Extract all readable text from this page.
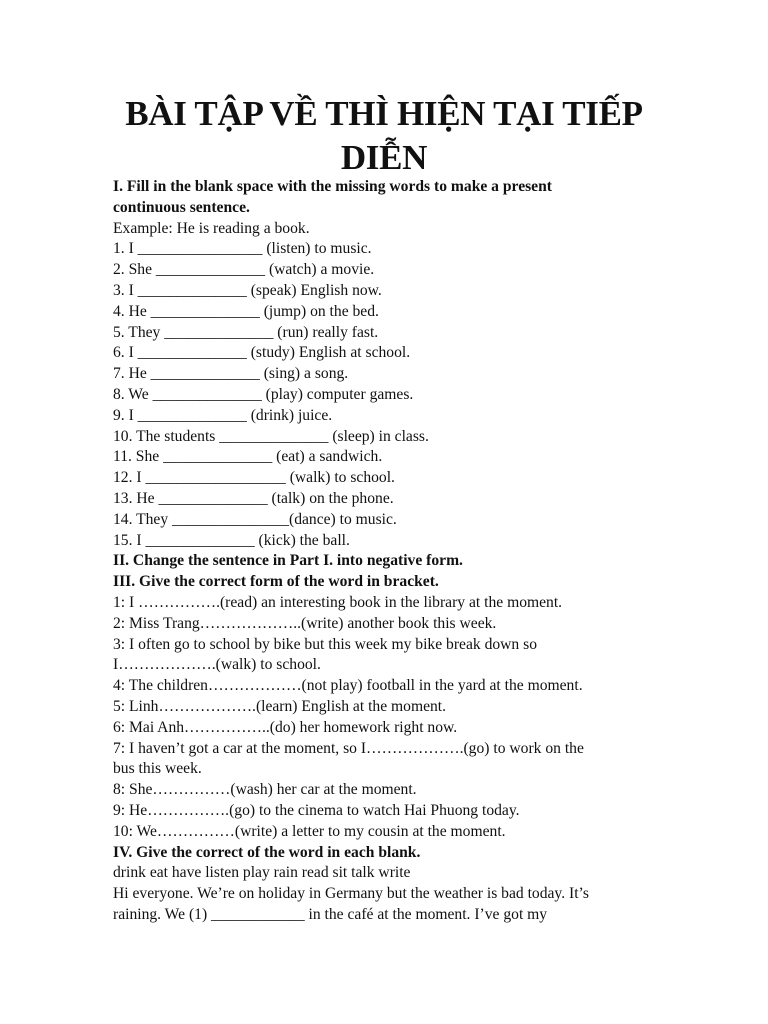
BÀI TẬP VỀ THÌ HIỆN TẠI TIẾP
DIỄN

I. Fill in the blank space with the missing words to make a present

continuous sentence.

Example: He is reading a book.

1. I ________________ (listen) to music.

2. She ______________ (watch) a movie.

3. I ______________ (speak) English now.

4. He ______________ (jump) on the bed.

5. They ______________ (run) really fast.

6. I ______________ (study) English at school.

7. He ______________ (sing) a song.

8. We ______________ (play) computer games.

9. I ______________ (drink) juice.

10. The students ______________ (sleep) in class.

11. She ______________ (eat) a sandwich.

12. I __________________ (walk) to school.

13. He ______________ (talk) on the phone.

14. They _______________(dance) to music.

15. I ______________ (kick) the ball.

II. Change the sentence in Part I. into negative form.

III. Give the correct form of the word in bracket.

1: I …………….(read) an interesting book in the library at the moment.

2: Miss Trang………………..(write) another book this week.

3: I often go to school by bike but this week my bike break down so

I……………….(walk) to school.

4: The children………………(not play) football in the yard at the moment.

5: Linh……………….(learn) English at the moment.

6: Mai Anh……………..(do) her homework right now.

7: I haven’t got a car at the moment, so I……………….(go) to work on the

bus this week.

8: She……………(wash) her car at the moment.

9: He…………….(go) to the cinema to watch Hai Phuong today.

10: We……………(write) a letter to my cousin at the moment.

IV. Give the correct of the word in each blank.

drink eat have listen play rain read sit talk write

Hi everyone. We’re on holiday in Germany but the weather is bad today. It’s

raining. We (1) ____________ in the café at the moment. I’ve got my
